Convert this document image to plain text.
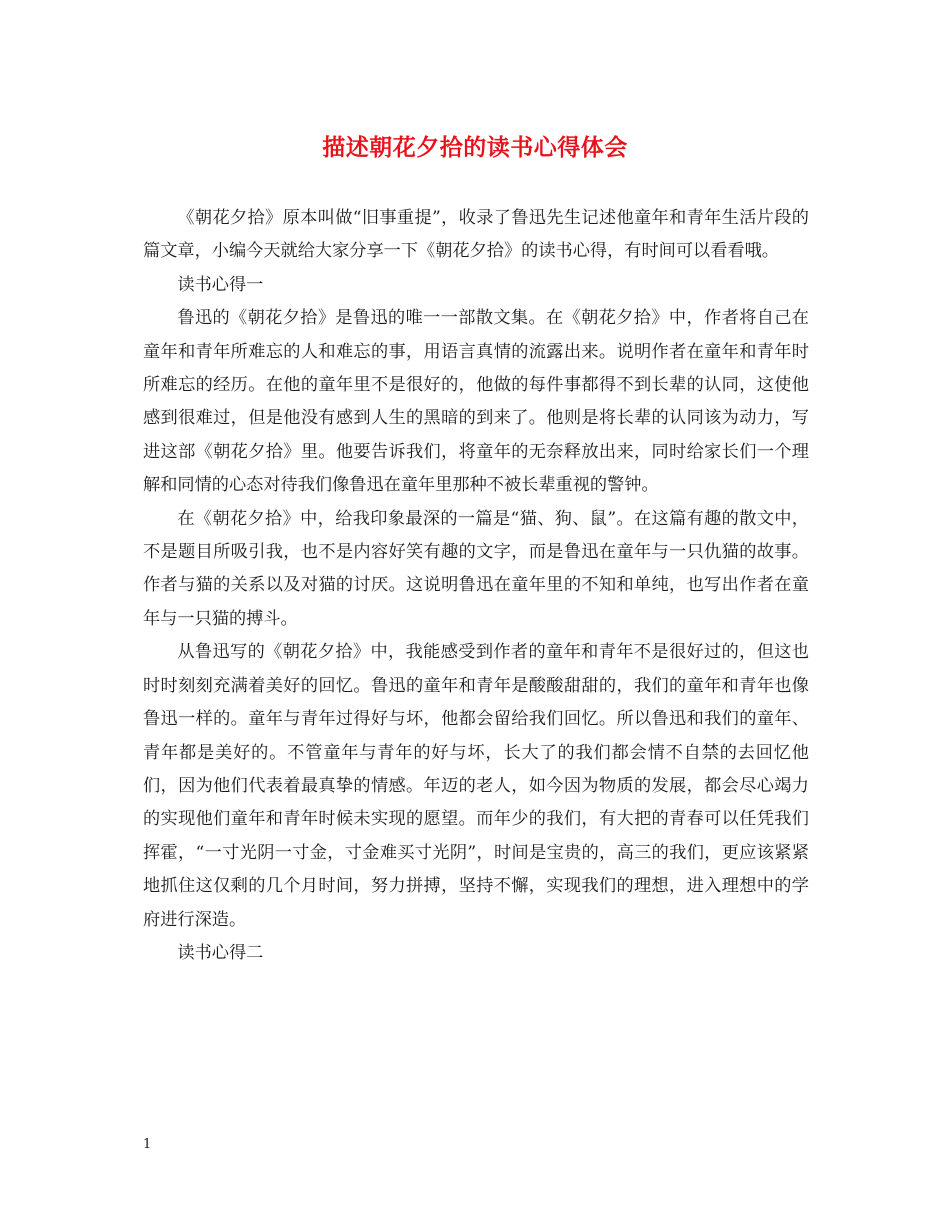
描述朝花夕拾的读书心得体会

《朝花夕拾》原本叫做“旧事重提”，收录了鲁迅先生记述他童年和青年生活片段的篇文章，小编今天就给大家分享一下《朝花夕拾》的读书心得，有时间可以看看哦。

读书心得一

鲁迅的《朝花夕拾》是鲁迅的唯一一部散文集。在《朝花夕拾》中，作者将自己在童年和青年所难忘的人和难忘的事，用语言真情的流露出来。说明作者在童年和青年时所难忘的经历。在他的童年里不是很好的，他做的每件事都得不到长辈的认同，这使他感到很难过，但是他没有感到人生的黑暗的到来了。他则是将长辈的认同该为动力，写进这部《朝花夕拾》里。他要告诉我们，将童年的无奈释放出来，同时给家长们一个理解和同情的心态对待我们像鲁迅在童年里那种不被长辈重视的警钟。

在《朝花夕拾》中，给我印象最深的一篇是“猫、狗、鼠”。在这篇有趣的散文中，不是题目所吸引我，也不是内容好笑有趣的文字，而是鲁迅在童年与一只仇猫的故事。作者与猫的关系以及对猫的讨厌。这说明鲁迅在童年里的不知和单纯，也写出作者在童年与一只猫的搏斗。

从鲁迅写的《朝花夕拾》中，我能感受到作者的童年和青年不是很好过的，但这也时时刻刻充满着美好的回忆。鲁迅的童年和青年是酸酸甜甜的，我们的童年和青年也像鲁迅一样的。童年与青年过得好与坏，他都会留给我们回忆。所以鲁迅和我们的童年、青年都是美好的。不管童年与青年的好与坏，长大了的我们都会情不自禁的去回忆他们，因为他们代表着最真挚的情感。年迈的老人，如今因为物质的发展，都会尽心竭力的实现他们童年和青年时候未实现的愿望。而年少的我们，有大把的青春可以任凭我们挥霍，“一寸光阴一寸金，寸金难买寸光阴”，时间是宝贵的，高三的我们，更应该紧紧地抓住这仅剩的几个月时间，努力拼搏，坚持不懈，实现我们的理想，进入理想中的学府进行深造。

读书心得二

1
